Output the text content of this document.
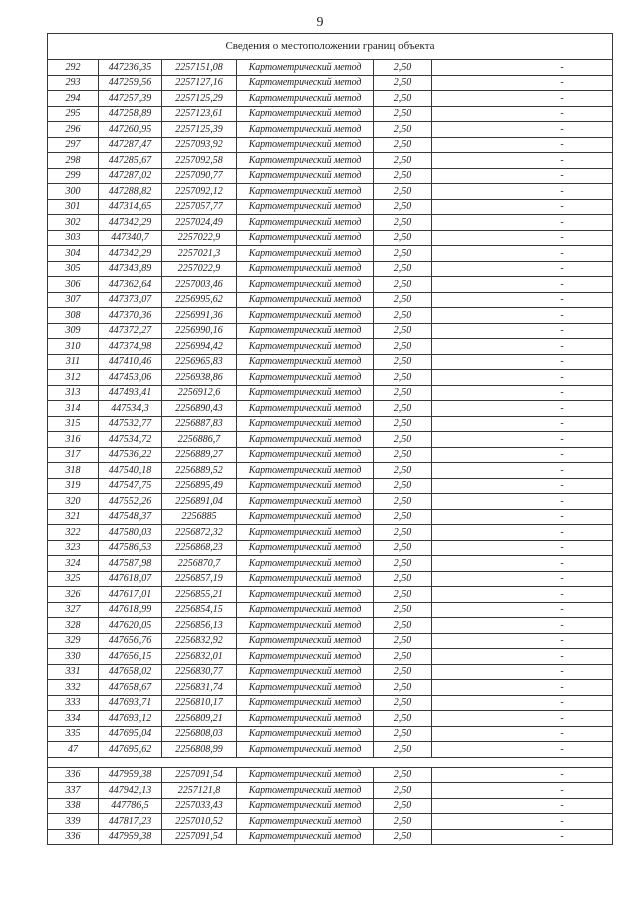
9
Сведения о местоположении границ объекта					
292	447236,35	2257151,08	Картометрический метод	2,50	-
293	447259,56	2257127,16	Картометрический метод	2,50	-
294	447257,39	2257125,29	Картометрический метод	2,50	-
295	447258,89	2257123,61	Картометрический метод	2,50	-
296	447260,95	2257125,39	Картометрический метод	2,50	-
297	447287,47	2257093,92	Картометрический метод	2,50	-
298	447285,67	2257092,58	Картометрический метод	2,50	-
299	447287,02	2257090,77	Картометрический метод	2,50	-
300	447288,82	2257092,12	Картометрический метод	2,50	-
301	447314,65	2257057,77	Картометрический метод	2,50	-
302	447342,29	2257024,49	Картометрический метод	2,50	-
303	447340,7	2257022,9	Картометрический метод	2,50	-
304	447342,29	2257021,3	Картометрический метод	2,50	-
305	447343,89	2257022,9	Картометрический метод	2,50	-
306	447362,64	2257003,46	Картометрический метод	2,50	-
307	447373,07	2256995,62	Картометрический метод	2,50	-
308	447370,36	2256991,36	Картометрический метод	2,50	-
309	447372,27	2256990,16	Картометрический метод	2,50	-
310	447374,98	2256994,42	Картометрический метод	2,50	-
311	447410,46	2256965,83	Картометрический метод	2,50	-
312	447453,06	2256938,86	Картометрический метод	2,50	-
313	447493,41	2256912,6	Картометрический метод	2,50	-
314	447534,3	2256890,43	Картометрический метод	2,50	-
315	447532,77	2256887,83	Картометрический метод	2,50	-
316	447534,72	2256886,7	Картометрический метод	2,50	-
317	447536,22	2256889,27	Картометрический метод	2,50	-
318	447540,18	2256889,52	Картометрический метод	2,50	-
319	447547,75	2256895,49	Картометрический метод	2,50	-
320	447552,26	2256891,04	Картометрический метод	2,50	-
321	447548,37	2256885	Картометрический метод	2,50	-
322	447580,03	2256872,32	Картометрический метод	2,50	-
323	447586,53	2256868,23	Картометрический метод	2,50	-
324	447587,98	2256870,7	Картометрический метод	2,50	-
325	447618,07	2256857,19	Картометрический метод	2,50	-
326	447617,01	2256855,21	Картометрический метод	2,50	-
327	447618,99	2256854,15	Картометрический метод	2,50	-
328	447620,05	2256856,13	Картометрический метод	2,50	-
329	447656,76	2256832,92	Картометрический метод	2,50	-
330	447656,15	2256832,01	Картометрический метод	2,50	-
331	447658,02	2256830,77	Картометрический метод	2,50	-
332	447658,67	2256831,74	Картометрический метод	2,50	-
333	447693,71	2256810,17	Картометрический метод	2,50	-
334	447693,12	2256809,21	Картометрический метод	2,50	-
335	447695,04	2256808,03	Картометрический метод	2,50	-
47	447695,62	2256808,99	Картометрический метод	2,50	-

336	447959,38	2257091,54	Картометрический метод	2,50	-
337	447942,13	2257121,8	Картометрический метод	2,50	-
338	447786,5	2257033,43	Картометрический метод	2,50	-
339	447817,23	2257010,52	Картометрический метод	2,50	-
336	447959,38	2257091,54	Картометрический метод	2,50	-
